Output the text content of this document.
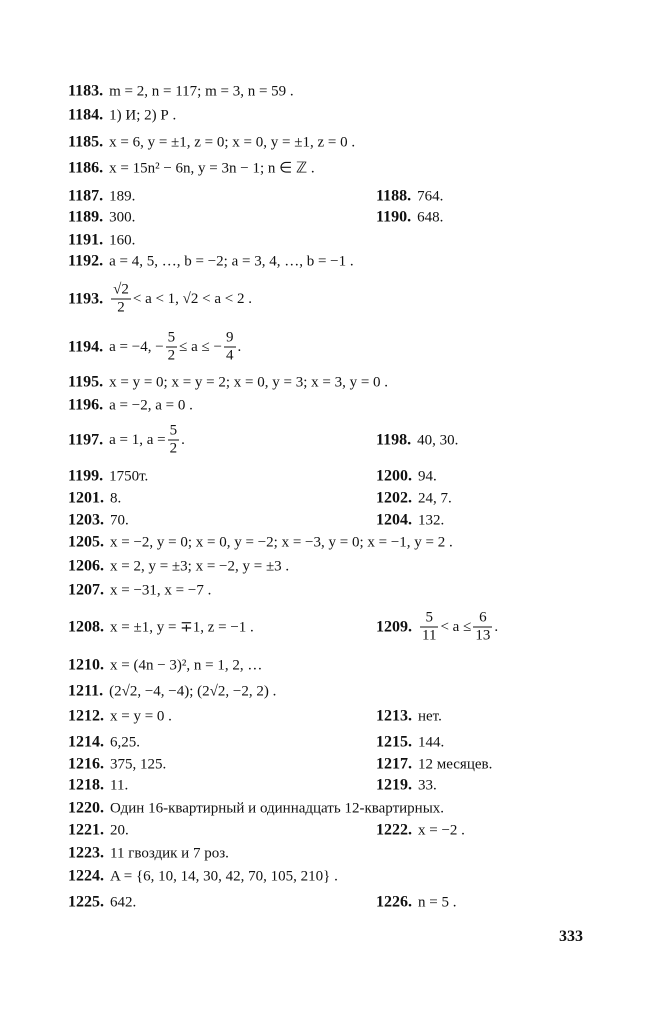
1183. m = 2, n = 117; m = 3, n = 59 .
1184. 1) И; 2) Р .
1185. x = 6, y = ±1, z = 0; x = 0, y = ±1, z = 0 .
1186. x = 15n² − 6n, y = 3n − 1; n ∈ ℤ .
1187. 189.	1188. 764.
1189. 300.	1190. 648.
1191. 160.
1192. a = 4, 5, …, b = −2; a = 3, 4, …, b = −1 .
1193. $\frac{√2}{2} < a < 1$, √2 < a < 2 .
1194. a = −4, − $\frac{5}{2} \le a$ ≤ − $\frac{9}{4}$ .
1195. x = y = 0; x = y = 2; x = 0, y = 3; x = 3, y = 0 .
1196. a = −2, a = 0 .
1197. a = 1, $a = \frac{5}{2}$ .	1198. 40, 30.
1199. 1750т.	1200. 94.
1201. 8.	1202. 24, 7.
1203. 70.	1204. 132.
1205. x = −2, y = 0; x = 0, y = −2; x = −3, y = 0; x = −1, y = 2 .
1206. x = 2, y = ±3; x = −2, y = ±3 .
1207. x = −31, x = −7 .
1208. x = ±1, y = ∓1, z = −1 .	1209. $\frac{5}{11} < a \le \frac{6}{13}$ .
1210. x = (4n − 3)², n = 1, 2, …
1211. (2√2, −4, −4); (2√2, −2, 2) .
1212. x = y = 0 .	1213. нет.
1214. 6,25.	1215. 144.
1216. 375, 125.	1217. 12 месяцев.
1218. 11.	1219. 33.
1220. Один 16-квартирный и одиннадцать 12-квартирных.
1221. 20.	1222. x = −2 .
1223. 11 гвоздик и 7 роз.
1224. A = {6, 10, 14, 30, 42, 70, 105, 210} .
1225. 642.	1226. n = 5 .
333
